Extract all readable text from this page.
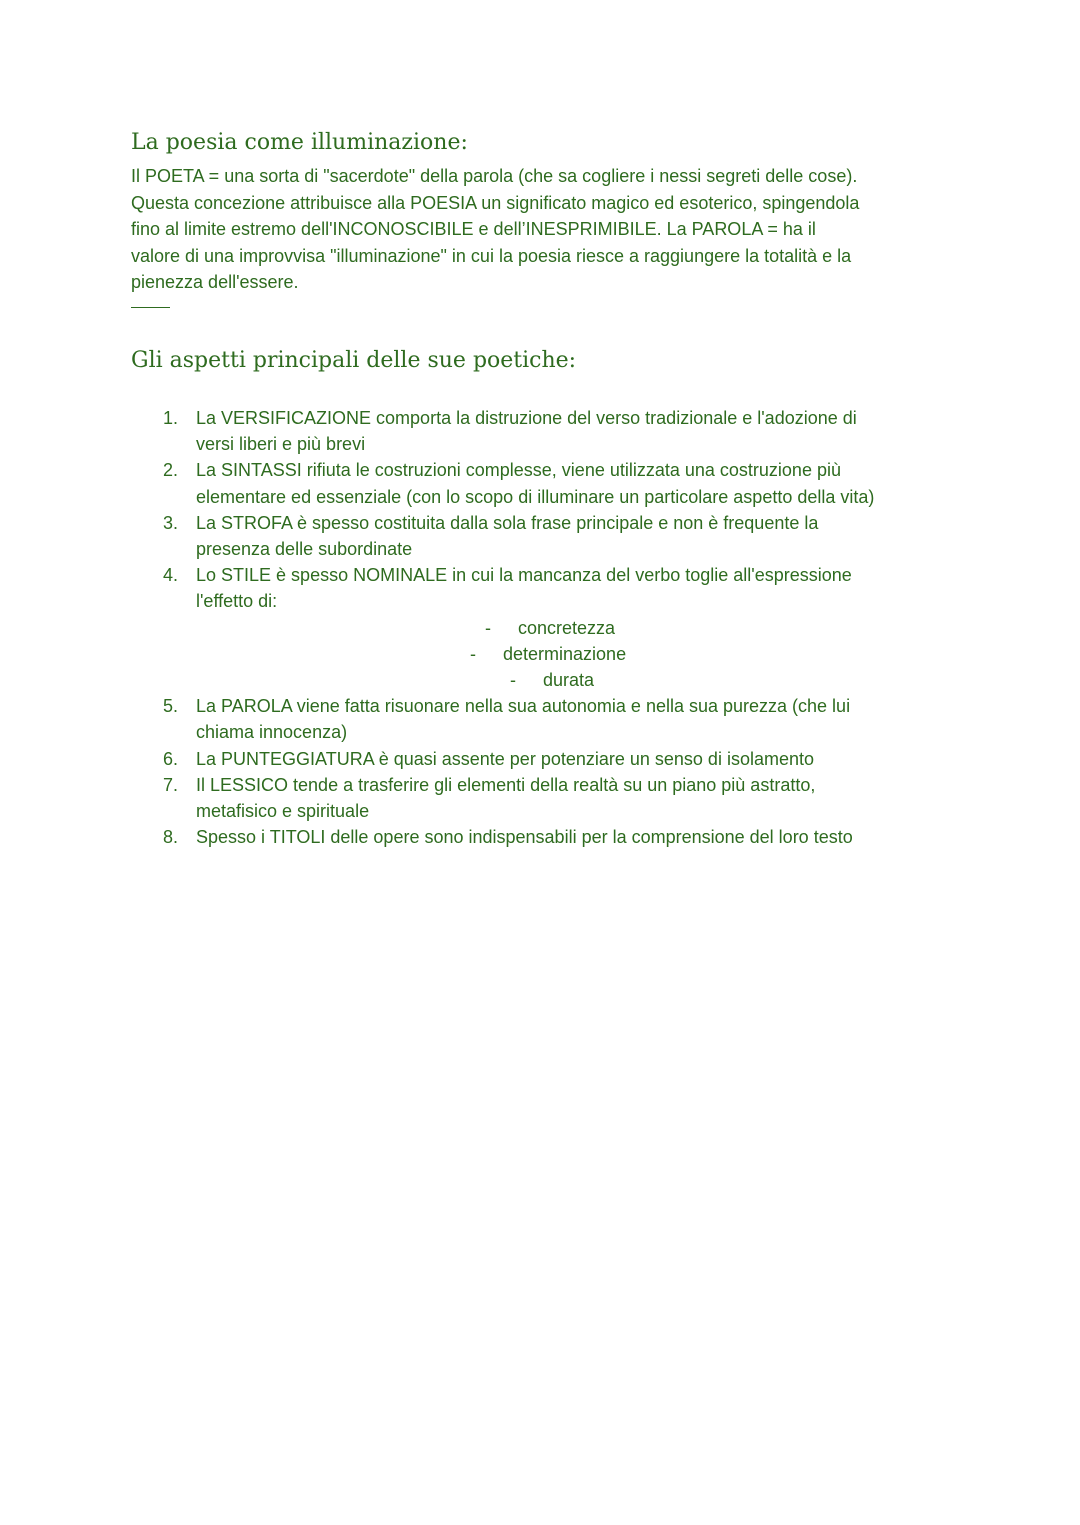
La poesia come illuminazione:

Il POETA = una sorta di "sacerdote" della parola (che sa cogliere i nessi segreti delle cose).
Questa concezione attribuisce alla POESIA un significato magico ed esoterico, spingendola
fino al limite estremo dell'INCONOSCIBILE e dell’INESPRIMIBILE. La PAROLA = ha il
valore di una improvvisa "illuminazione" in cui la poesia riesce a raggiungere la totalità e la
pienezza dell'essere.

Gli aspetti principali delle sue poetiche:
1. La VERSIFICAZIONE comporta la distruzione del verso tradizionale e l'adozione di
versi liberi e più brevi
2. La SINTASSI rifiuta le costruzioni complesse, viene utilizzata una costruzione più
elementare ed essenziale (con lo scopo di illuminare un particolare aspetto della vita)
3. La STROFA è spesso costituita dalla sola frase principale e non è frequente la
presenza delle subordinate
4. Lo STILE è spesso NOMINALE in cui la mancanza del verbo toglie all'espressione
l'effetto di:
- concretezza
- determinazione
- durata
5. La PAROLA viene fatta risuonare nella sua autonomia e nella sua purezza (che lui
chiama innocenza)
6. La PUNTEGGIATURA è quasi assente per potenziare un senso di isolamento
7. Il LESSICO tende a trasferire gli elementi della realtà su un piano più astratto,
metafisico e spirituale
8. Spesso i TITOLI delle opere sono indispensabili per la comprensione del loro testo
